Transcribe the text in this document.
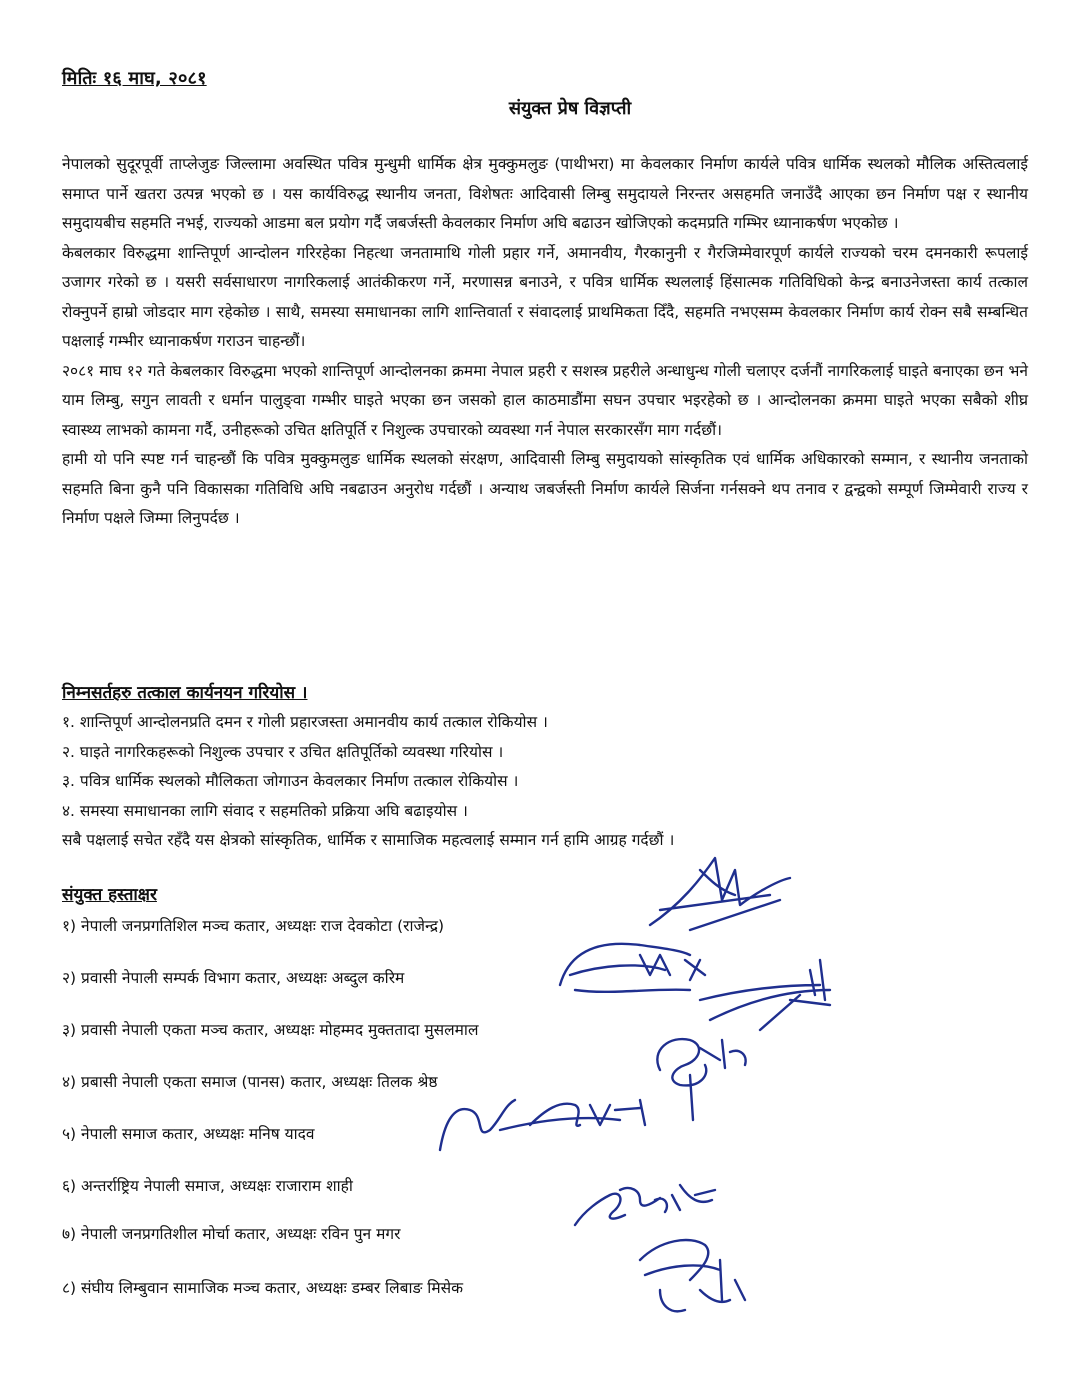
मितिः १६ माघ, २०८१
संयुक्त प्रेष विज्ञप्ती

नेपालको सुदूरपूर्वी ताप्लेजुङ जिल्लामा अवस्थित पवित्र मुन्धुमी धार्मिक क्षेत्र मुक्कुमलुङ (पाथीभरा) मा केवलकार निर्माण कार्यले पवित्र धार्मिक स्थलको मौलिक अस्तित्वलाई समाप्त पार्ने खतरा उत्पन्न भएको छ । यस कार्यविरुद्ध स्थानीय जनता, विशेषतः आदिवासी लिम्बु समुदायले निरन्तर असहमति जनाउँदै आएका छन निर्माण पक्ष र स्थानीय समुदायबीच सहमति नभई, राज्यको आडमा बल प्रयोग गर्दै जबर्जस्ती केवलकार निर्माण अघि बढाउन खोजिएको कदमप्रति गम्भिर ध्यानाकर्षण भएकोछ ।

केबलकार विरुद्धमा शान्तिपूर्ण आन्दोलन गरिरहेका निहत्था जनतामाथि गोली प्रहार गर्ने, अमानवीय, गैरकानुनी र गैरजिम्मेवारपूर्ण कार्यले राज्यको चरम दमनकारी रूपलाई उजागर गरेको छ । यसरी सर्वसाधारण नागरिकलाई आतंकीकरण गर्ने, मरणासन्न बनाउने, र पवित्र धार्मिक स्थललाई हिंसात्मक गतिविधिको केन्द्र बनाउनेजस्ता कार्य तत्काल रोक्नुपर्ने हाम्रो जोडदार माग रहेकोछ । साथै, समस्या समाधानका लागि शान्तिवार्ता र संवादलाई प्राथमिकता दिँदै, सहमति नभएसम्म केवलकार निर्माण कार्य रोक्न सबै सम्बन्धित पक्षलाई गम्भीर ध्यानाकर्षण गराउन चाहन्छौं।

२०८१ माघ १२ गते केबलकार विरुद्धमा भएको शान्तिपूर्ण आन्दोलनका क्रममा नेपाल प्रहरी र सशस्त्र प्रहरीले अन्धाधुन्ध गोली चलाएर दर्जनौं नागरिकलाई घाइते बनाएका छन भने याम लिम्बु, सगुन लावती र धर्मान पालुङ्वा गम्भीर घाइते भएका छन जसको हाल काठमाडौंमा सघन उपचार भइरहेको छ । आन्दोलनका क्रममा घाइते भएका सबैको शीघ्र स्वास्थ्य लाभको कामना गर्दै, उनीहरूको उचित क्षतिपूर्ति र निशुल्क उपचारको व्यवस्था गर्न नेपाल सरकारसँग माग गर्दछौं।

हामी यो पनि स्पष्ट गर्न चाहन्छौं कि पवित्र मुक्कुमलुङ धार्मिक स्थलको संरक्षण, आदिवासी लिम्बु समुदायको सांस्कृतिक एवं धार्मिक अधिकारको सम्मान, र स्थानीय जनताको सहमति बिना कुनै पनि विकासका गतिविधि अघि नबढाउन अनुरोध गर्दछौं । अन्याथ जबर्जस्ती निर्माण कार्यले सिर्जना गर्नसक्ने थप तनाव र द्वन्द्वको सम्पूर्ण जिम्मेवारी राज्य र निर्माण पक्षले जिम्मा लिनुपर्दछ ।

निम्नसर्तहरु तत्काल कार्यनयन गरियोस ।
१. शान्तिपूर्ण आन्दोलनप्रति दमन र गोली प्रहारजस्ता अमानवीय कार्य तत्काल रोकियोस ।
२. घाइते नागरिकहरूको निशुल्क उपचार र उचित क्षतिपूर्तिको व्यवस्था गरियोस ।
३. पवित्र धार्मिक स्थलको मौलिकता जोगाउन केवलकार निर्माण तत्काल रोकियोस ।
४. समस्या समाधानका लागि संवाद र सहमतिको प्रक्रिया अघि बढाइयोस ।
सबै पक्षलाई सचेत रहँदै यस क्षेत्रको सांस्कृतिक, धार्मिक र सामाजिक महत्वलाई सम्मान गर्न हामि आग्रह गर्दछौं ।
संयुक्त हस्ताक्षर
१) नेपाली जनप्रगतिशिल मञ्च कतार, अध्यक्षः राज देवकोटा (राजेन्द्र)
२) प्रवासी नेपाली सम्पर्क विभाग कतार, अध्यक्षः अब्दुल करिम
३) प्रवासी नेपाली एकता मञ्च कतार, अध्यक्षः मोहम्मद मुक्ततादा मुसलमाल
४) प्रबासी नेपाली एकता समाज (पानस) कतार, अध्यक्षः तिलक श्रेष्ठ
५) नेपाली समाज कतार, अध्यक्षः मनिष यादव
६) अन्तर्राष्ट्रिय नेपाली समाज, अध्यक्षः राजाराम शाही
७) नेपाली जनप्रगतिशील मोर्चा कतार, अध्यक्षः रविन पुन मगर
८) संघीय लिम्बुवान सामाजिक मञ्च कतार, अध्यक्षः डम्बर लिबाङ मिसेक
